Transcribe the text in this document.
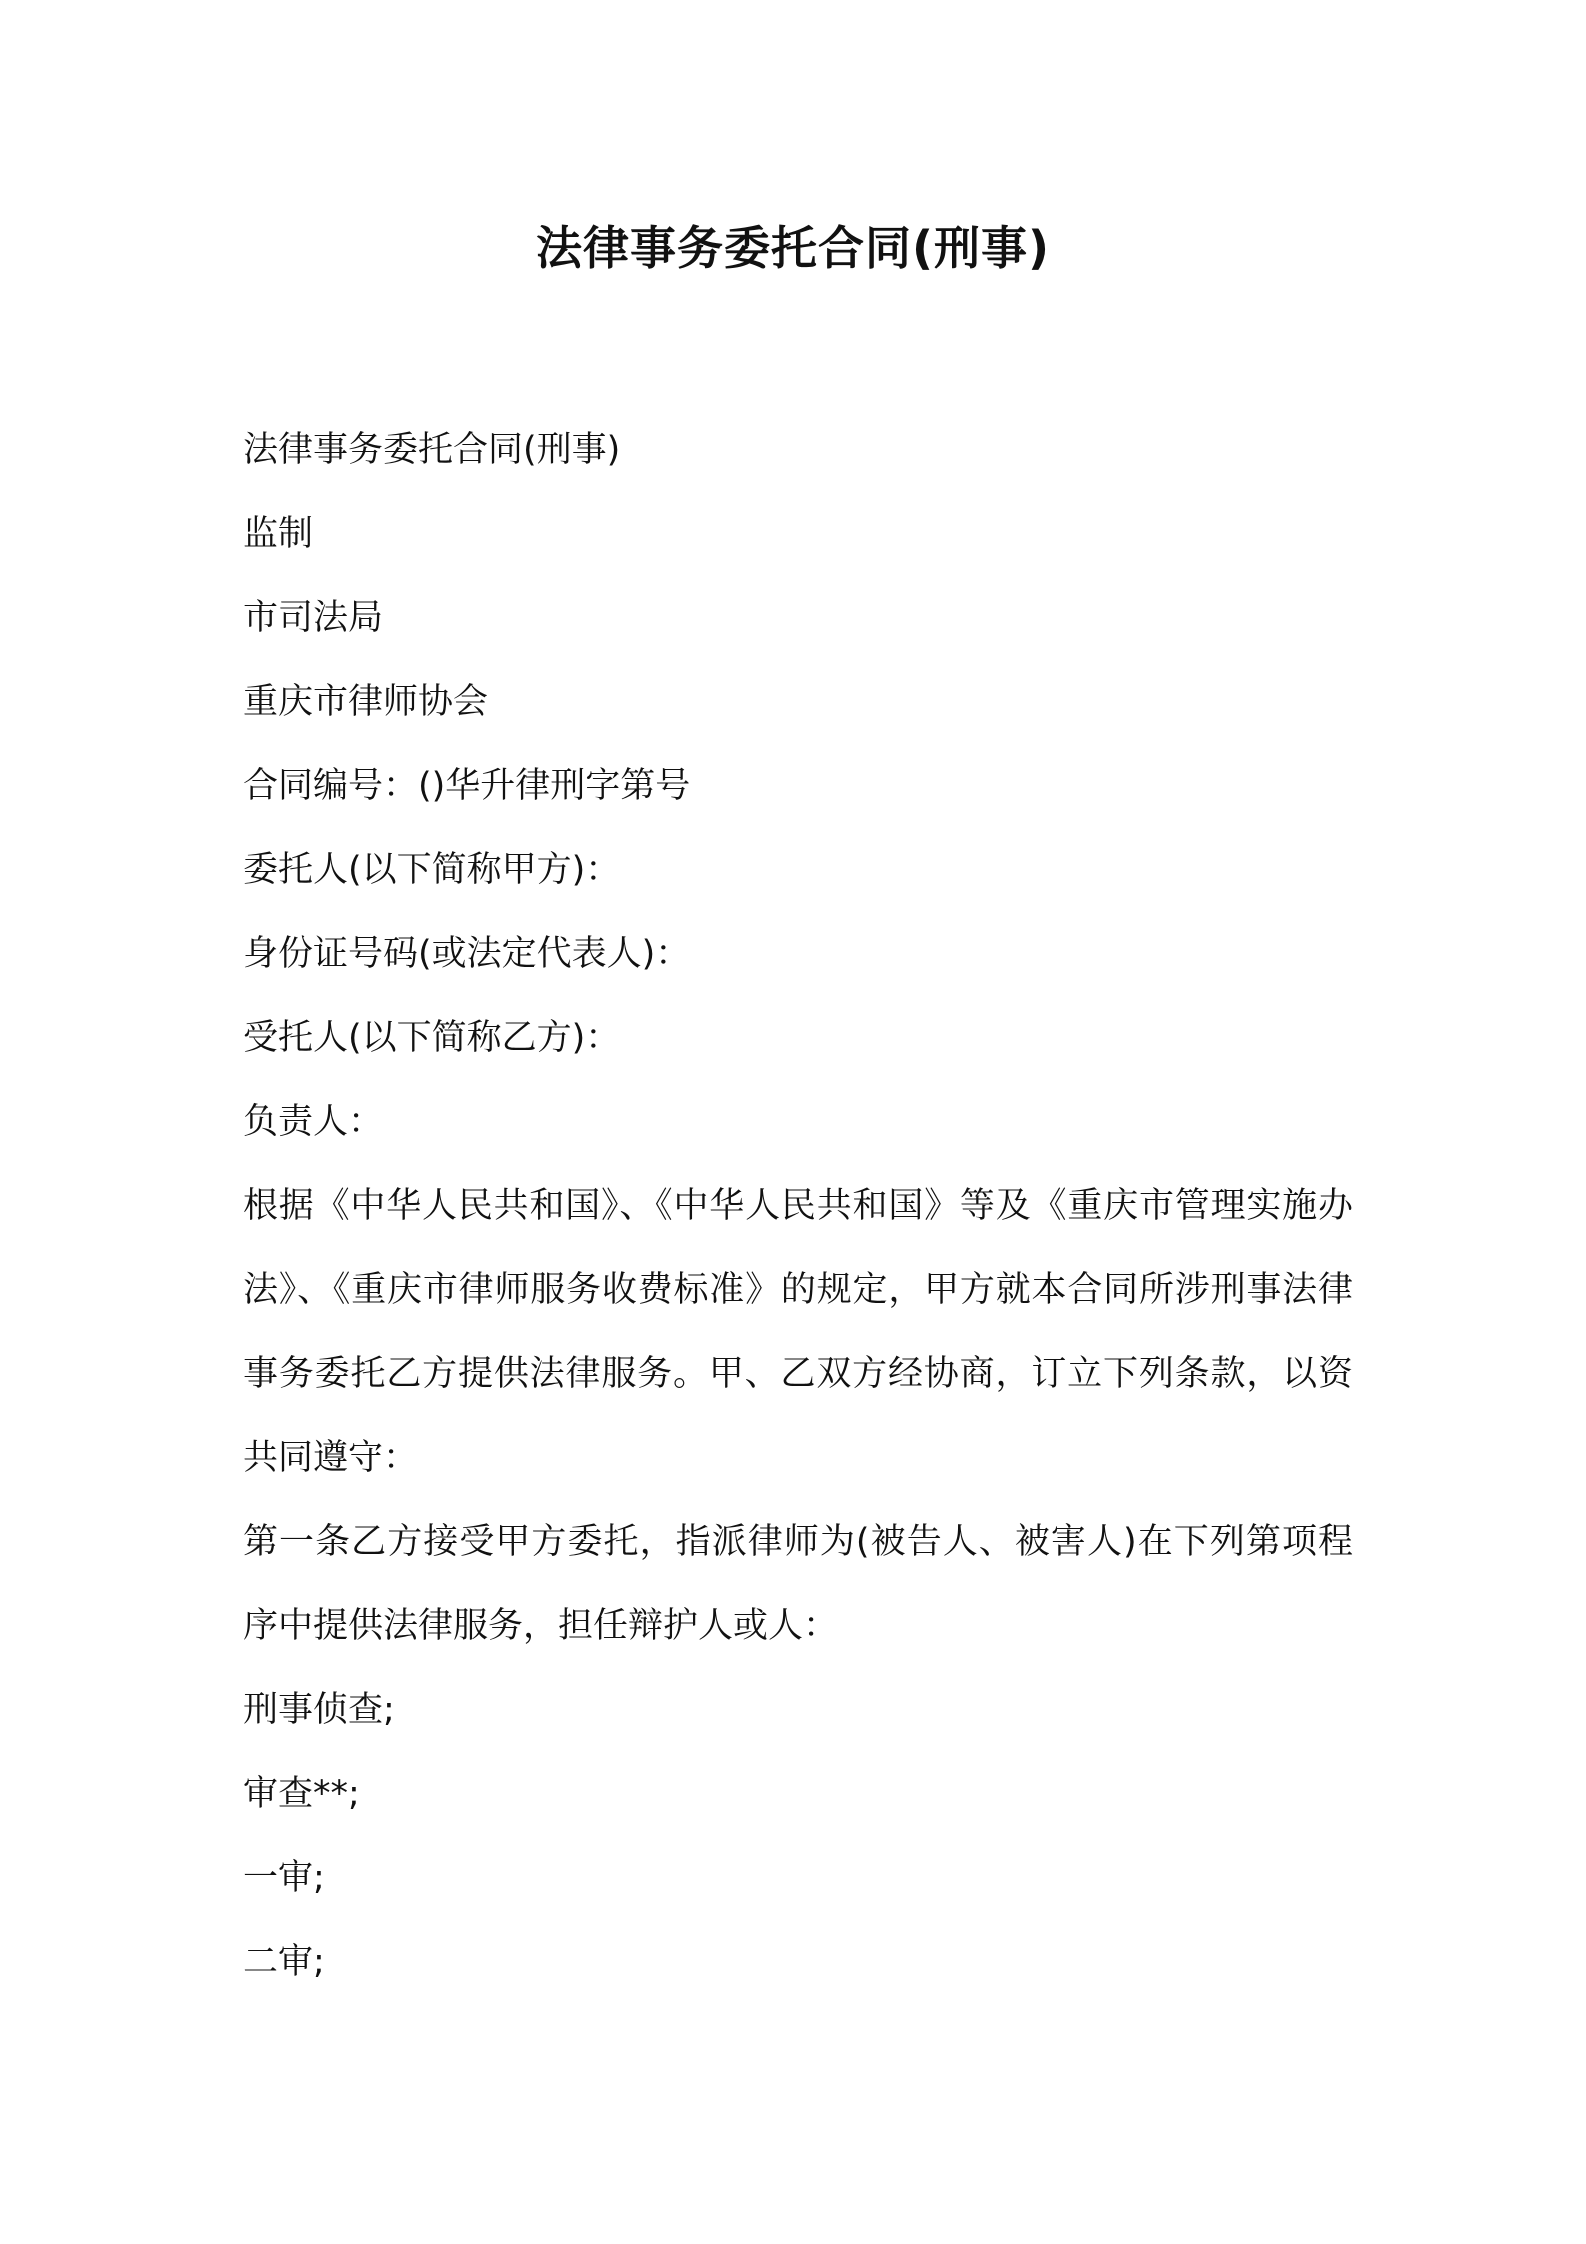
法律事务委托合同(刑事)

法律事务委托合同(刑事)

监制

市司法局

重庆市律师协会

合同编号：()华升律刑字第号

委托人(以下简称甲方)：

身份证号码(或法定代表人)：

受托人(以下简称乙方)：

负责人：

根据《中华人民共和国》、《中华人民共和国》等及《重庆市管理实施办法》、《重庆市律师服务收费标准》的规定，甲方就本合同所涉刑事法律事务委托乙方提供法律服务。甲、乙双方经协商，订立下列条款，以资共同遵守：

第一条乙方接受甲方委托，指派律师为(被告人、被害人)在下列第项程序中提供法律服务，担任辩护人或人：

刑事侦查;

审查**;

一审;

二审;
